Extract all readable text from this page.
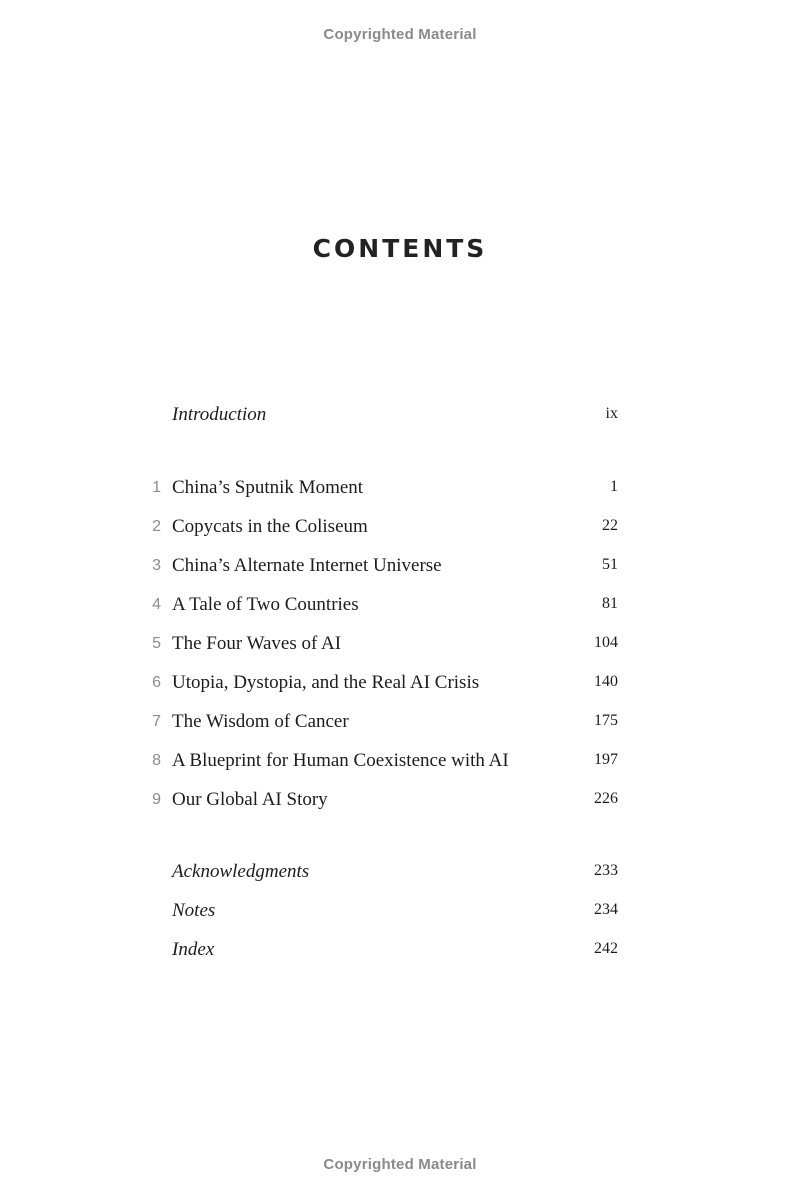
Copyrighted Material
CONTENTS
Introduction	ix
1 China’s Sputnik Moment	1
2 Copycats in the Coliseum	22
3 China’s Alternate Internet Universe	51
4 A Tale of Two Countries	81
5 The Four Waves of AI	104
6 Utopia, Dystopia, and the Real AI Crisis	140
7 The Wisdom of Cancer	175
8 A Blueprint for Human Coexistence with AI	197
9 Our Global AI Story	226
Acknowledgments	233
Notes	234
Index	242
Copyrighted Material
